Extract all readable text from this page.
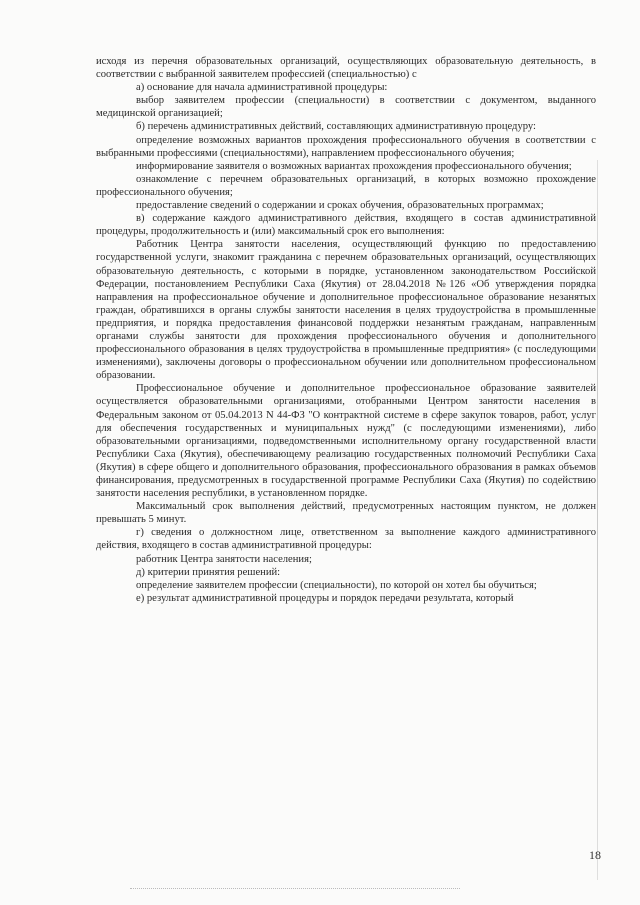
исходя из перечня образовательных организаций, осуществляющих образовательную деятельность, в соответствии с выбранной заявителем профессией (специальностью) с

а) основание для начала административной процедуры:

выбор заявителем профессии (специальности) в соответствии с документом, выданного медицинской организацией;

б) перечень административных действий, составляющих административную процедуру:

определение возможных вариантов прохождения профессионального обучения в соответствии с выбранными профессиями (специальностями), направлением профессионального обучения;

информирование заявителя о возможных вариантах прохождения профессионального обучения;

ознакомление с перечнем образовательных организаций, в которых возможно прохождение профессионального обучения;

предоставление сведений о содержании и сроках обучения, образовательных программах;

в) содержание каждого административного действия, входящего в состав административной процедуры, продолжительность и (или) максимальный срок его выполнения:

Работник Центра занятости населения, осуществляющий функцию по предоставлению государственной услуги, знакомит гражданина с перечнем образовательных организаций, осуществляющих образовательную деятельность, с которыми в порядке, установленном законодательством Российской Федерации, постановлением Республики Саха (Якутия) от 28.04.2018 №126 «Об утверждения порядка направления на профессиональное обучение и дополнительное профессиональное образование незанятых граждан, обратившихся в органы службы занятости населения в целях трудоустройства в промышленные предприятия, и порядка предоставления финансовой поддержки незанятым гражданам, направленным органами службы занятости для прохождения профессионального обучения и дополнительного профессионального образования в целях трудоустройства в промышленные предприятия» (с последующими изменениями), заключены договоры о профессиональном обучении или дополнительном профессиональном образовании.

Профессиональное обучение и дополнительное профессиональное образование заявителей осуществляется образовательными организациями, отобранными Центром занятости населения в Федеральным законом от 05.04.2013 N 44-ФЗ "О контрактной системе в сфере закупок товаров, работ, услуг для обеспечения государственных и муниципальных нужд" (с последующими изменениями), либо образовательными организациями, подведомственными исполнительному органу государственной власти Республики Саха (Якутия), обеспечивающему реализацию государственных полномочий Республики Саха (Якутия) в сфере общего и дополнительного образования, профессионального образования в рамках объемов финансирования, предусмотренных в государственной программе Республики Саха (Якутия) по содействию занятости населения республики, в установленном порядке.

Максимальный срок выполнения действий, предусмотренных настоящим пунктом, не должен превышать 5 минут.

г) сведения о должностном лице, ответственном за выполнение каждого административного действия, входящего в состав административной процедуры:

работник Центра занятости населения;

д) критерии принятия решений:

определение заявителем профессии (специальности), по которой он хотел бы обучиться;

е) результат административной процедуры и порядок передачи результата, который

18
